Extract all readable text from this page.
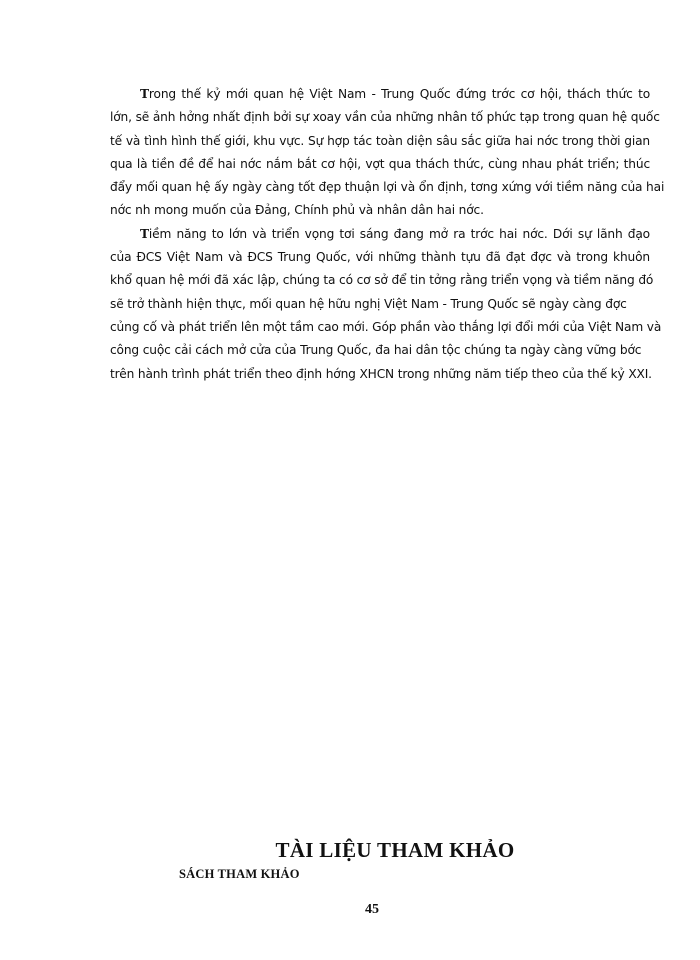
Trong thế kỷ mới quan hệ Việt Nam - Trung Quốc đứng trớc cơ hội, thách thức to
lớn, sẽ ảnh hởng nhất định bởi sự xoay vần của những nhân tố phức tạp trong quan hệ quốc
tế và tình hình thế giới, khu vực. Sự hợp tác toàn diện sâu sắc giữa hai nớc trong thời gian
qua là tiền đề để hai nớc nắm bắt cơ hội, vợt qua thách thức, cùng nhau phát triển; thúc
đẩy mối quan hệ ấy ngày càng tốt đẹp thuận lợi và ổn định, tơng xứng với tiềm năng của hai
nớc nh mong muốn của Đảng, Chính phủ và nhân dân hai nớc.

Tiềm năng to lớn và triển vọng tơi sáng đang mở ra trớc hai nớc. Dới sự lãnh đạo
của ĐCS Việt Nam và ĐCS Trung Quốc, với những thành tựu đã đạt đợc và trong khuôn
khổ quan hệ mới đã xác lập, chúng ta có cơ sở để tin tởng rằng triển vọng và tiềm năng đó
sẽ trở thành hiện thực, mối quan hệ hữu nghị Việt Nam - Trung Quốc sẽ ngày càng đợc
củng cố và phát triển lên một tầm cao mới. Góp phần vào thắng lợi đổi mới của Việt Nam và
công cuộc cải cách mở cửa của Trung Quốc, đa hai dân tộc chúng ta ngày càng vững bớc
trên hành trình phát triển theo định hớng XHCN trong những năm tiếp theo của thế kỷ XXI.

TÀI LIỆU THAM KHẢO
SÁCH THAM KHẢO
45
